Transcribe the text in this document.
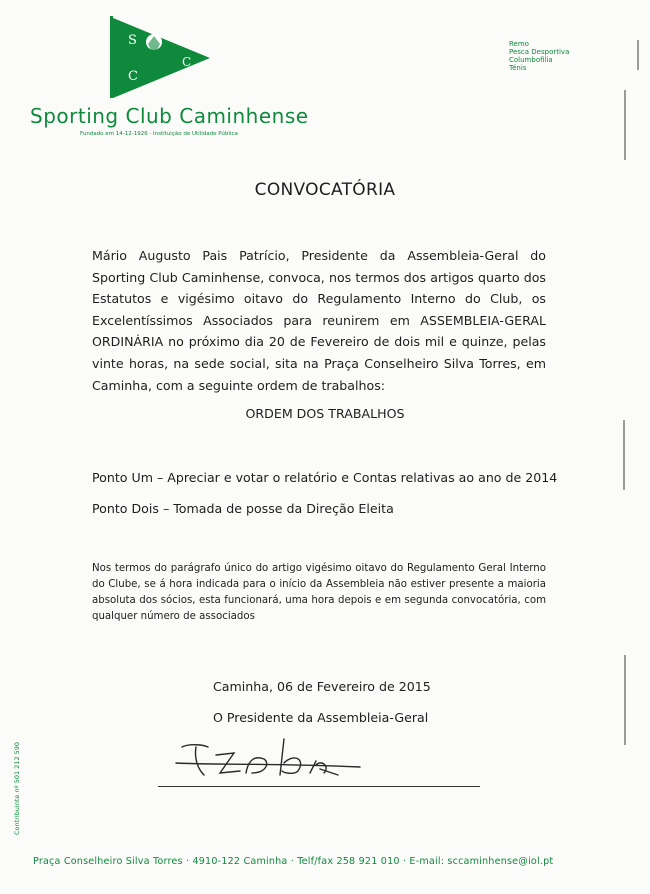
S
C
C
Sporting Club Caminhense
Fundado em 14-12-1926 · Instituição de Utilidade Pública
Remo
Pesca Desportiva
Columbofilia
Ténis
CONVOCATÓRIA
Mário Augusto Pais Patrício, Presidente da Assembleia-Geral do Sporting Club Caminhense, convoca, nos termos dos artigos quarto dos Estatutos e vigésimo oitavo do Regulamento Interno do Club, os Excelentíssimos Associados para reunirem em ASSEMBLEIA-GERAL ORDINÁRIA no próximo dia 20 de Fevereiro de dois mil e quinze, pelas vinte horas, na sede social, sita na Praça Conselheiro Silva Torres, em Caminha, com a seguinte ordem de trabalhos:
ORDEM DOS TRABALHOS
Ponto Um – Apreciar e votar o relatório e Contas relativas ao ano de 2014
Ponto Dois – Tomada de posse da Direção Eleita
Nos termos do parágrafo único do artigo vigésimo oitavo do Regulamento Geral Interno do Clube, se á hora indicada para o início da Assembleia não estiver presente a maioria absoluta dos sócios, esta funcionará, uma hora depois e em segunda convocatória, com qualquer número de associados
Caminha, 06 de Fevereiro de 2015
O Presidente da Assembleia-Geral
Contribuinte nº 501 212 590
Praça Conselheiro Silva Torres · 4910-122 Caminha · Telf/fax 258 921 010 · E-mail: sccaminhense@iol.pt
